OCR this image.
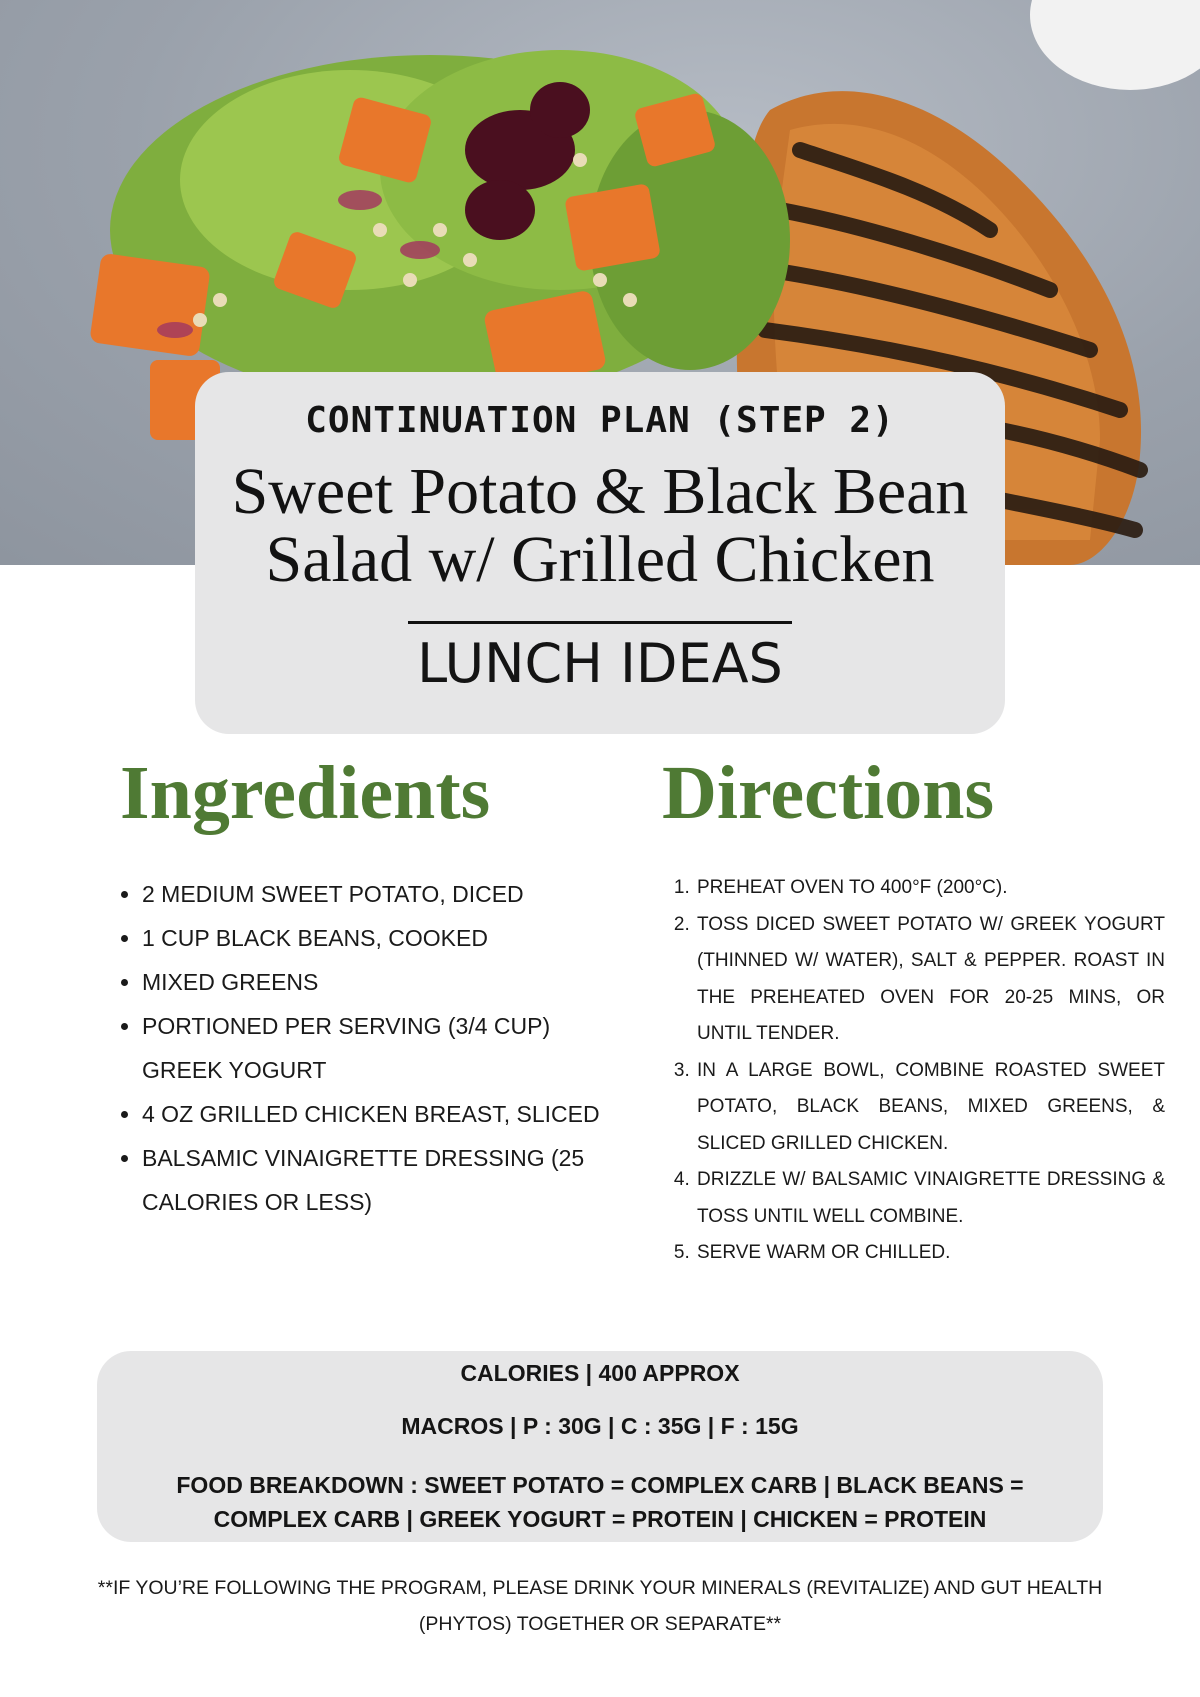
CONTINUATION PLAN (STEP 2)
Sweet Potato & Black Bean Salad w/ Grilled Chicken
LUNCH IDEAS
Ingredients
• 2 MEDIUM SWEET POTATO, DICED
• 1 CUP BLACK BEANS, COOKED
• MIXED GREENS
• PORTIONED PER SERVING (3/4 CUP) GREEK YOGURT
• 4 OZ GRILLED CHICKEN BREAST, SLICED
• BALSAMIC VINAIGRETTE DRESSING (25 CALORIES OR LESS)
Directions
1. PREHEAT OVEN TO 400°F (200°C).
2. TOSS DICED SWEET POTATO W/ GREEK YOGURT (THINNED W/ WATER), SALT & PEPPER. ROAST IN THE PREHEATED OVEN FOR 20-25 MINS, OR UNTIL TENDER.
3. IN A LARGE BOWL, COMBINE ROASTED SWEET POTATO, BLACK BEANS, MIXED GREENS, & SLICED GRILLED CHICKEN.
4. DRIZZLE W/ BALSAMIC VINAIGRETTE DRESSING & TOSS UNTIL WELL COMBINE.
5. SERVE WARM OR CHILLED.
CALORIES | 400 APPROX
MACROS | P : 30G | C : 35G | F : 15G
FOOD BREAKDOWN : SWEET POTATO = COMPLEX CARB | BLACK BEANS = COMPLEX CARB | GREEK YOGURT = PROTEIN | CHICKEN = PROTEIN
**IF YOU’RE FOLLOWING THE PROGRAM, PLEASE DRINK YOUR MINERALS (REVITALIZE) AND GUT HEALTH (PHYTOS) TOGETHER OR SEPARATE**
